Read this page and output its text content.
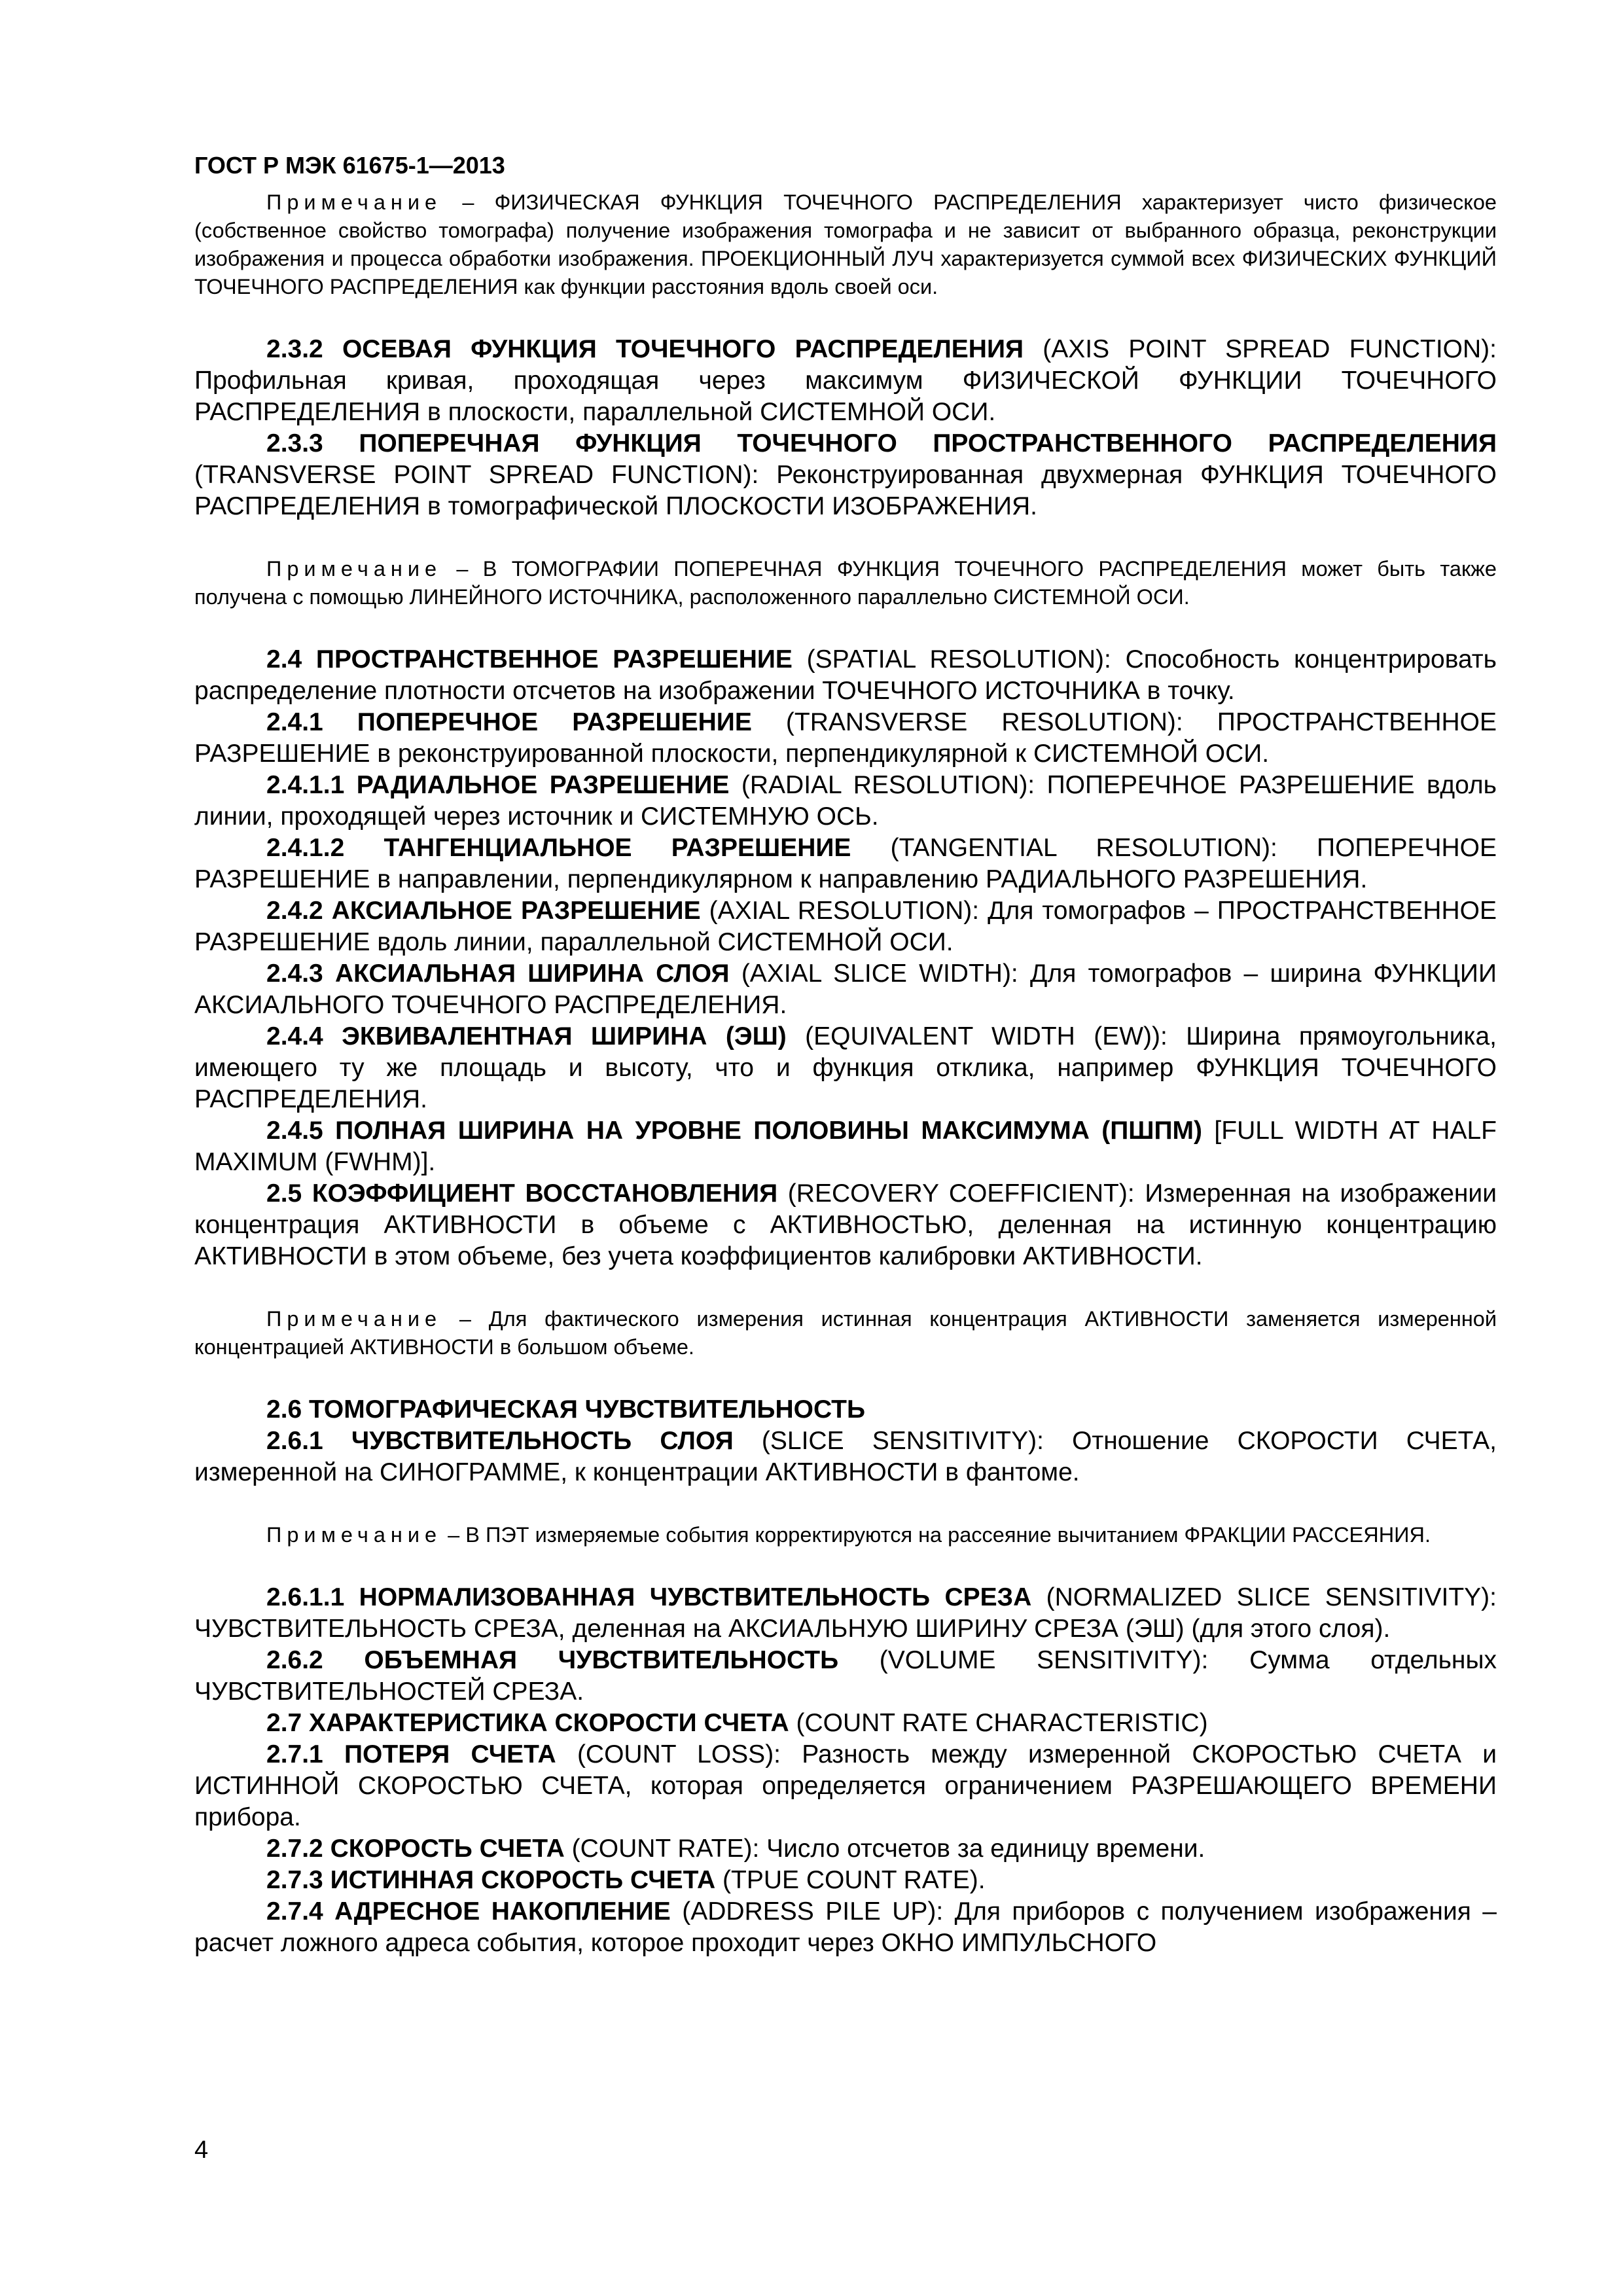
ГОСТ Р МЭК 61675-1—2013

Примечание – ФИЗИЧЕСКАЯ ФУНКЦИЯ ТОЧЕЧНОГО РАСПРЕДЕЛЕНИЯ характеризует чисто физическое (собственное свойство томографа) получение изображения томографа и не зависит от выбранного образца, реконструкции изображения и процесса обработки изображения. ПРОЕКЦИОННЫЙ ЛУЧ характеризуется суммой всех ФИЗИЧЕСКИХ ФУНКЦИЙ ТОЧЕЧНОГО РАСПРЕДЕЛЕНИЯ как функции расстояния вдоль своей оси.

2.3.2 ОСЕВАЯ ФУНКЦИЯ ТОЧЕЧНОГО РАСПРЕДЕЛЕНИЯ (AXIS POINT SPREAD FUNCTION): Профильная кривая, проходящая через максимум ФИЗИЧЕСКОЙ ФУНКЦИИ ТОЧЕЧНОГО РАСПРЕДЕЛЕНИЯ в плоскости, параллельной СИСТЕМНОЙ ОСИ.

2.3.3 ПОПЕРЕЧНАЯ ФУНКЦИЯ ТОЧЕЧНОГО ПРОСТРАНСТВЕННОГО РАСПРЕДЕЛЕНИЯ (TRANSVERSE POINT SPREAD FUNCTION): Реконструированная двухмерная ФУНКЦИЯ ТОЧЕЧНОГО РАСПРЕДЕЛЕНИЯ в томографической ПЛОСКОСТИ ИЗОБРАЖЕНИЯ.

Примечание – В ТОМОГРАФИИ ПОПЕРЕЧНАЯ ФУНКЦИЯ ТОЧЕЧНОГО РАСПРЕДЕЛЕНИЯ может быть также получена с помощью ЛИНЕЙНОГО ИСТОЧНИКА, расположенного параллельно СИСТЕМНОЙ ОСИ.

2.4 ПРОСТРАНСТВЕННОЕ РАЗРЕШЕНИЕ (SPATIAL RESOLUTION): Способность концентрировать распределение плотности отсчетов на изображении ТОЧЕЧНОГО ИСТОЧНИКА в точку.

2.4.1 ПОПЕРЕЧНОЕ РАЗРЕШЕНИЕ (TRANSVERSE RESOLUTION): ПРОСТРАНСТВЕННОЕ РАЗРЕШЕНИЕ в реконструированной плоскости, перпендикулярной к СИСТЕМНОЙ ОСИ.

2.4.1.1 РАДИАЛЬНОЕ РАЗРЕШЕНИЕ (RADIAL RESOLUTION): ПОПЕРЕЧНОЕ РАЗРЕШЕНИЕ вдоль линии, проходящей через источник и СИСТЕМНУЮ ОСЬ.

2.4.1.2 ТАНГЕНЦИАЛЬНОЕ РАЗРЕШЕНИЕ (TANGENTIAL RESOLUTION): ПОПЕРЕЧНОЕ РАЗРЕШЕНИЕ в направлении, перпендикулярном к направлению РАДИАЛЬНОГО РАЗРЕШЕНИЯ.

2.4.2 АКСИАЛЬНОЕ РАЗРЕШЕНИЕ (AXIAL RESOLUTION): Для томографов – ПРОСТРАНСТВЕННОЕ РАЗРЕШЕНИЕ вдоль линии, параллельной СИСТЕМНОЙ ОСИ.

2.4.3 АКСИАЛЬНАЯ ШИРИНА СЛОЯ (AXIAL SLICE WIDTH): Для томографов – ширина ФУНКЦИИ АКСИАЛЬНОГО ТОЧЕЧНОГО РАСПРЕДЕЛЕНИЯ.

2.4.4 ЭКВИВАЛЕНТНАЯ ШИРИНА (ЭШ) (EQUIVALENT WIDTH (EW)): Ширина прямоугольника, имеющего ту же площадь и высоту, что и функция отклика, например ФУНКЦИЯ ТОЧЕЧНОГО РАСПРЕДЕЛЕНИЯ.

2.4.5 ПОЛНАЯ ШИРИНА НА УРОВНЕ ПОЛОВИНЫ МАКСИМУМА (ПШПМ) [FULL WIDTH AT HALF MAXIMUM (FWHM)].

2.5 КОЭФФИЦИЕНТ ВОССТАНОВЛЕНИЯ (RECOVERY COEFFICIENT): Измеренная на изображении концентрация АКТИВНОСТИ в объеме с АКТИВНОСТЬЮ, деленная на истинную концентрацию АКТИВНОСТИ в этом объеме, без учета коэффициентов калибровки АКТИВНОСТИ.

Примечание – Для фактического измерения истинная концентрация АКТИВНОСТИ заменяется измеренной концентрацией АКТИВНОСТИ в большом объеме.

2.6 ТОМОГРАФИЧЕСКАЯ ЧУВСТВИТЕЛЬНОСТЬ

2.6.1 ЧУВСТВИТЕЛЬНОСТЬ СЛОЯ (SLICE SENSITIVITY): Отношение СКОРОСТИ СЧЕТА, измеренной на СИНОГРАММЕ, к концентрации АКТИВНОСТИ в фантоме.

Примечание – В ПЭТ измеряемые события корректируются на рассеяние вычитанием ФРАКЦИИ РАССЕЯНИЯ.

2.6.1.1 НОРМАЛИЗОВАННАЯ ЧУВСТВИТЕЛЬНОСТЬ СРЕЗА (NORMALIZED SLICE SENSITIVITY): ЧУВСТВИТЕЛЬНОСТЬ СРЕЗА, деленная на АКСИАЛЬНУЮ ШИРИНУ СРЕЗА (ЭШ) (для этого слоя).

2.6.2 ОБЪЕМНАЯ ЧУВСТВИТЕЛЬНОСТЬ (VOLUME SENSITIVITY): Сумма отдельных ЧУВСТВИТЕЛЬНОСТЕЙ СРЕЗА.

2.7 ХАРАКТЕРИСТИКА СКОРОСТИ СЧЕТА (COUNT RATE CHARACTERISTIC)

2.7.1 ПОТЕРЯ СЧЕТА (COUNT LOSS): Разность между измеренной СКОРОСТЬЮ СЧЕТА и ИСТИННОЙ СКОРОСТЬЮ СЧЕТА, которая определяется ограничением РАЗРЕШАЮЩЕГО ВРЕМЕНИ прибора.

2.7.2 СКОРОСТЬ СЧЕТА (COUNT RATE): Число отсчетов за единицу времени.

2.7.3 ИСТИННАЯ СКОРОСТЬ СЧЕТА (TPUE COUNT RATE).

2.7.4 АДРЕСНОЕ НАКОПЛЕНИЕ (ADDRESS PILE UP): Для приборов с получением изображения – расчет ложного адреса события, которое проходит через ОКНО ИМПУЛЬСНОГО

4
